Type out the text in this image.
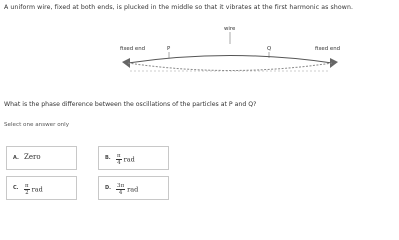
A uniform wire, fixed at both ends, is plucked in the middle so that it vibrates at the first harmonic as shown.
wire
fixed end	fixed end
P	Q
What is the phase difference between the oscillations of the particles at P and Q?
Select one answer only
A. Zero	B. $\frac{\pi}{4}$ rad
C. $\frac{\pi}{2}$ rad	D. $\frac{3\pi}{4}$ rad
